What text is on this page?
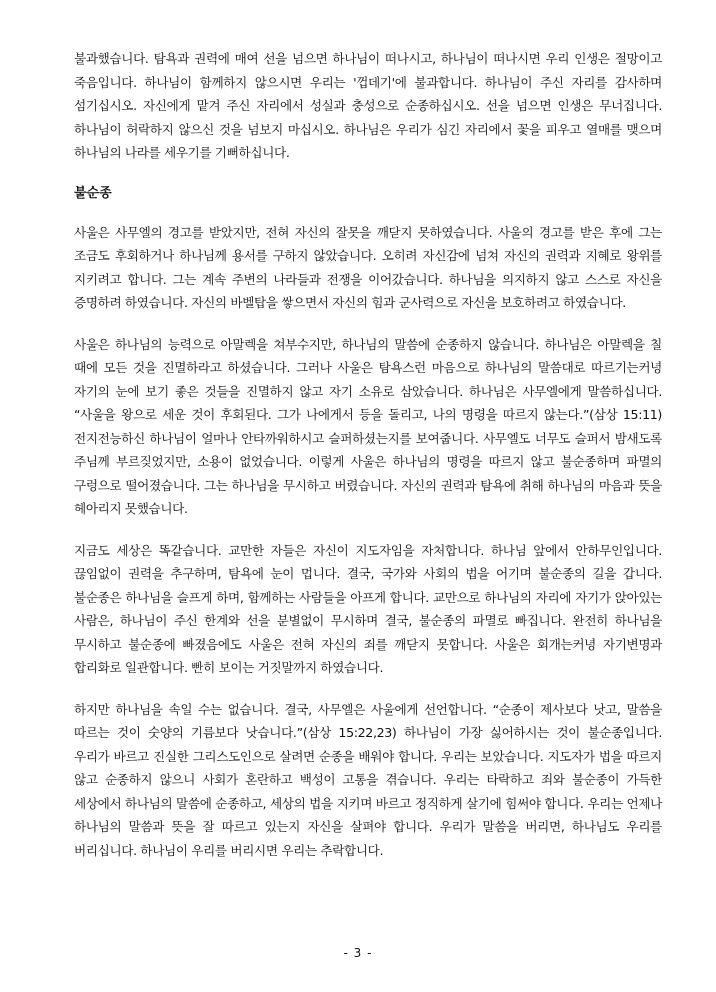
불과했습니다. 탐욕과 권력에 매여 선을 넘으면 하나님이 떠나시고, 하나님이 떠나시면 우리 인생은 절망이고 죽음입니다. 하나님이 함께하지 않으시면 우리는 '껍데기'에 불과합니다. 하나님이 주신 자리를 감사하며 섬기십시오. 자신에게 맡겨 주신 자리에서 성실과 충성으로 순종하십시오. 선을 넘으면 인생은 무너집니다. 하나님이 허락하지 않으신 것을 넘보지 마십시오. 하나님은 우리가 심긴 자리에서 꽃을 피우고 열매를 맺으며 하나님의 나라를 세우기를 기뻐하십니다.

불순종

사울은 사무엘의 경고를 받았지만, 전혀 자신의 잘못을 깨닫지 못하였습니다. 사울의 경고를 받은 후에 그는 조금도 후회하거나 하나님께 용서를 구하지 않았습니다. 오히려 자신감에 넘쳐 자신의 권력과 지혜로 왕위를 지키려고 합니다. 그는 계속 주변의 나라들과 전쟁을 이어갔습니다. 하나님을 의지하지 않고 스스로 자신을 증명하려 하였습니다. 자신의 바벨탑을 쌓으면서 자신의 힘과 군사력으로 자신을 보호하려고 하였습니다.

사울은 하나님의 능력으로 아말렉을 쳐부수지만, 하나님의 말씀에 순종하지 않습니다. 하나님은 아말렉을 칠 때에 모든 것을 진멸하라고 하셨습니다. 그러나 사울은 탐욕스런 마음으로 하나님의 말씀대로 따르기는커녕 자기의 눈에 보기 좋은 것들을 진멸하지 않고 자기 소유로 삼았습니다. 하나님은 사무엘에게 말씀하십니다. “사울을 왕으로 세운 것이 후회된다. 그가 나에게서 등을 돌리고, 나의 명령을 따르지 않는다.”(삼상 15:11) 전지전능하신 하나님이 얼마나 안타까워하시고 슬퍼하셨는지를 보여줍니다. 사무엘도 너무도 슬퍼서 밤새도록 주님께 부르짖었지만, 소용이 없었습니다. 이렇게 사울은 하나님의 명령을 따르지 않고 불순종하며 파멸의 구렁으로 떨어졌습니다. 그는 하나님을 무시하고 버렸습니다. 자신의 권력과 탐욕에 취해 하나님의 마음과 뜻을 헤아리지 못했습니다.

지금도 세상은 똑같습니다. 교만한 자들은 자신이 지도자임을 자처합니다. 하나님 앞에서 안하무인입니다. 끊임없이 권력을 추구하며, 탐욕에 눈이 멉니다. 결국, 국가와 사회의 법을 어기며 불순종의 길을 갑니다. 불순종은 하나님을 슬프게 하며, 함께하는 사람들을 아프게 합니다. 교만으로 하나님의 자리에 자기가 앉아있는 사람은, 하나님이 주신 한계와 선을 분별없이 무시하며 결국, 불순종의 파멸로 빠집니다. 완전히 하나님을 무시하고 불순종에 빠졌음에도 사울은 전혀 자신의 죄를 깨닫지 못합니다. 사울은 회개는커녕 자기변명과 합리화로 일관합니다. 빤히 보이는 거짓말까지 하였습니다.

하지만 하나님을 속일 수는 없습니다. 결국, 사무엘은 사울에게 선언합니다. “순종이 제사보다 낫고, 말씀을 따르는 것이 숫양의 기름보다 낫습니다.”(삼상 15:22,23) 하나님이 가장 싫어하시는 것이 불순종입니다. 우리가 바르고 진실한 그리스도인으로 살려면 순종을 배워야 합니다. 우리는 보았습니다. 지도자가 법을 따르지 않고 순종하지 않으니 사회가 혼란하고 백성이 고통을 겪습니다. 우리는 타락하고 죄와 불순종이 가득한 세상에서 하나님의 말씀에 순종하고, 세상의 법을 지키며 바르고 정직하게 살기에 힘써야 합니다. 우리는 언제나 하나님의 말씀과 뜻을 잘 따르고 있는지 자신을 살펴야 합니다. 우리가 말씀을 버리면, 하나님도 우리를 버리십니다. 하나님이 우리를 버리시면 우리는 추락합니다.

- 3 -
